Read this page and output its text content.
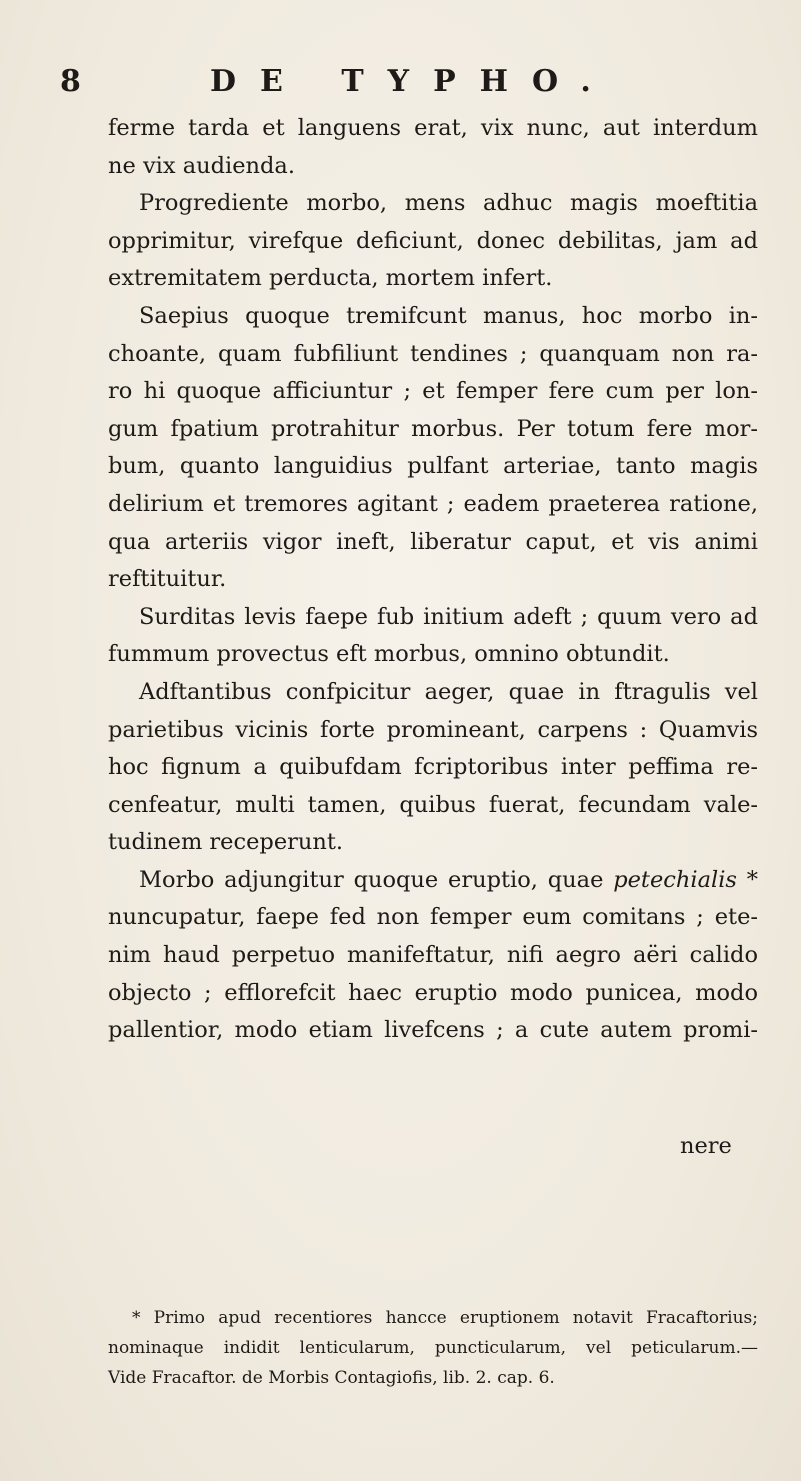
8	DE TYPHO.
ferme tarda et languens erat, vix nunc, aut interdum
ne vix audienda.
Progrediente morbo, mens adhuc magis moeftitia
opprimitur, virefque deficiunt, donec debilitas, jam ad
extremitatem perducta, mortem infert.
Saepius quoque tremifcunt manus, hoc morbo in-
choante, quam fubfiliunt tendines ; quanquam non ra-
ro hi quoque afficiuntur ; et femper fere cum per lon-
gum fpatium protrahitur morbus. Per totum fere mor-
bum, quanto languidius pulfant arteriae, tanto magis
delirium et tremores agitant ; eadem praeterea ratione,
qua arteriis vigor ineft, liberatur caput, et vis animi
reftituitur.
Surditas levis faepe fub initium adeft ; quum vero ad
fummum provectus eft morbus, omnino obtundit.
Adftantibus confpicitur aeger, quae in ftragulis vel
parietibus vicinis forte promineant, carpens : Quamvis
hoc fignum a quibufdam fcriptoribus inter peffima re-
cenfeatur, multi tamen, quibus fuerat, fecundam vale-
tudinem receperunt.
Morbo adjungitur quoque eruptio, quae petechialis *
nuncupatur, faepe fed non femper eum comitans ; ete-
nim haud perpetuo manifeftatur, nifi aegro aëri calido
objecto ; efflorefcit haec eruptio modo punicea, modo
pallentior, modo etiam livefcens ; a cute autem promi-
nere
* Primo apud recentiores hancce eruptionem notavit Fracaftorius;
nominaque indidit lenticularum, puncticularum, vel peticularum.—
Vide Fracaftor. de Morbis Contagiofis, lib. 2. cap. 6.
